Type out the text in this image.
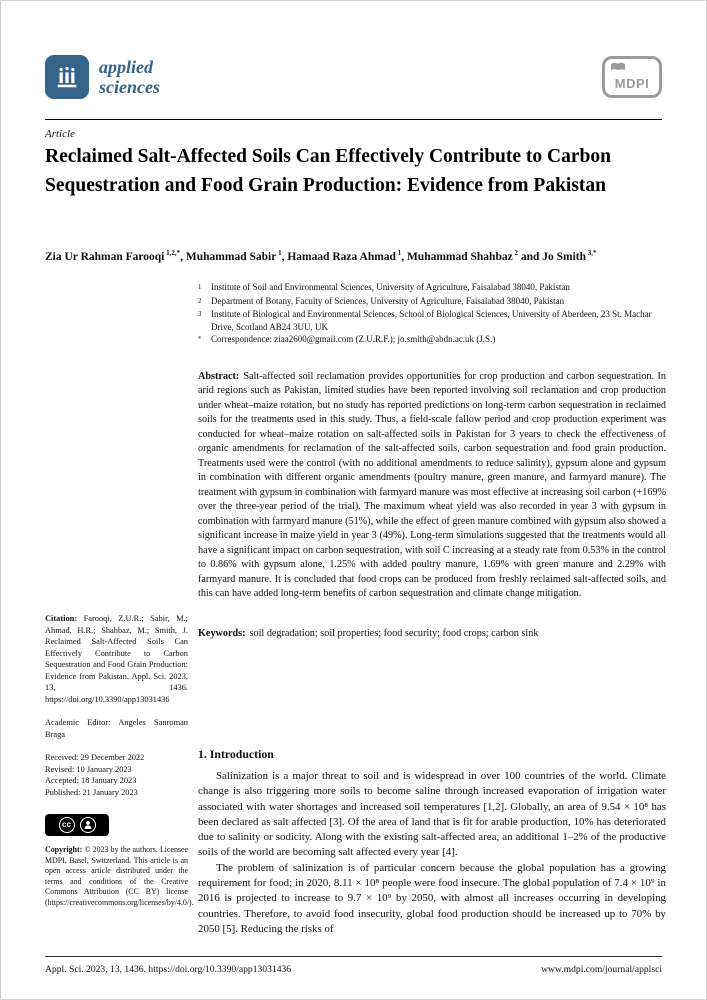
applied
sciences	MDPI
Article
Reclaimed Salt-Affected Soils Can Effectively Contribute to Carbon Sequestration and Food Grain Production: Evidence from Pakistan
Zia Ur Rahman Farooqi $^{1,2,*}$, Muhammad Sabir $^1$, Hamaad Raza Ahmad $^1$, Muhammad Shahbaz $^2$ and Jo Smith $^{3,*}$
1	Institute of Soil and Environmental Sciences, University of Agriculture, Faisalabad 38040, Pakistan
2	Department of Botany, Faculty of Sciences, University of Agriculture, Faisalabad 38040, Pakistan
3	Institute of Biological and Environmental Sciences, School of Biological Sciences, University of Aberdeen, 23 St. Machar Drive, Scotland AB24 3UU, UK
*	Correspondence: ziaa2600@gmail.com (Z.U.R.F.); jo.smith@abdn.ac.uk (J.S.)

Abstract: Salt-affected soil reclamation provides opportunities for crop production and carbon sequestration. In arid regions such as Pakistan, limited studies have been reported involving soil reclamation and crop production under wheat–maize rotation, but no study has reported predictions on long-term carbon sequestration in reclaimed soils for the treatments used in this study. Thus, a field-scale fallow period and crop production experiment was conducted for wheat–maize rotation on salt-affected soils in Pakistan for 3 years to check the effectiveness of organic amendments for reclamation of the salt-affected soils, carbon sequestration and food grain production. Treatments used were the control (with no additional amendments to reduce salinity), gypsum alone and gypsum in combination with different organic amendments (poultry manure, green manure, and farmyard manure). The treatment with gypsum in combination with farmyard manure was most effective at increasing soil carbon (+169% over the three-year period of the trial). The maximum wheat yield was also recorded in year 3 with gypsum in combination with farmyard manure (51%), while the effect of green manure combined with gypsum also showed a significant increase in maize yield in year 3 (49%). Long-term simulations suggested that the treatments would all have a significant impact on carbon sequestration, with soil C increasing at a steady rate from 0.53% in the control to 0.86% with gypsum alone, 1.25% with added poultry manure, 1.69% with green manure and 2.29% with farmyard manure. It is concluded that food crops can be produced from freshly reclaimed salt-affected soils, and this can have added long-term benefits of carbon sequestration and climate change mitigation.

Keywords: soil degradation; soil properties; food security; food crops; carbon sink

Citation: Farooqi, Z.U.R.; Sabir, M.; Ahmad, H.R.; Shahbaz, M.; Smith, J. Reclaimed Salt-Affected Soils Can Effectively Contribute to Carbon Sequestration and Food Grain Production: Evidence from Pakistan. Appl. Sci. 2023, 13, 1436. https://doi.org/10.3390/app13031436
Academic Editor: Angeles Sanroman Braga
Received: 29 December 2022
Revised: 10 January 2023
Accepted: 18 January 2023
Published: 21 January 2023
cc
Copyright: © 2023 by the authors. Licensee MDPI, Basel, Switzerland. This article is an open access article distributed under the terms and conditions of the Creative Commons Attribution (CC BY) license (https://creativecommons.org/licenses/by/4.0/).
1. Introduction

Salinization is a major threat to soil and is widespread in over 100 countries of the world. Climate change is also triggering more soils to become saline through increased evaporation of irrigation water associated with water shortages and increased soil temperatures [1,2]. Globally, an area of 9.54 × 10⁸ has been declared as salt affected [3]. Of the area of land that is fit for arable production, 10% has deteriorated due to salinity or sodicity. Along with the existing salt-affected area, an additional 1–2% of the productive soils of the world are becoming salt affected every year [4].

The problem of salinization is of particular concern because the global population has a growing requirement for food; in 2020, 8.11 × 10⁸ people were food insecure. The global population of 7.4 × 10⁹ in 2016 is projected to increase to 9.7 × 10⁹ by 2050, with almost all increases occurring in developing countries. Therefore, to avoid food insecurity, global food production should be increased up to 70% by 2050 [5]. Reducing the risks of

Appl. Sci. 2023, 13, 1436. https://doi.org/10.3390/app13031436	www.mdpi.com/journal/applsci
